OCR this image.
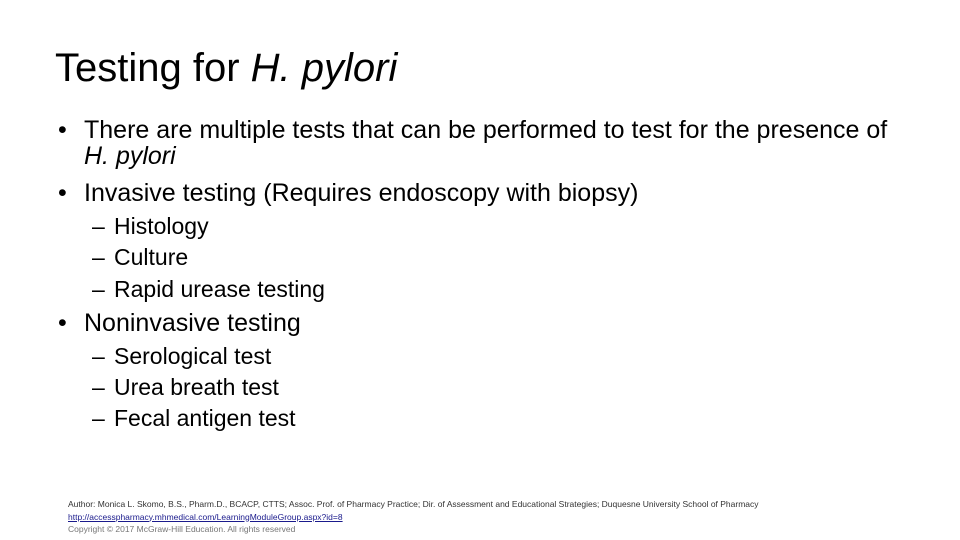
Testing for H. pylori
• There are multiple tests that can be performed to test for the presence of H. pylori
• Invasive testing (Requires endoscopy with biopsy)
– Histology
– Culture
– Rapid urease testing
• Noninvasive testing
– Serological test
– Urea breath test
– Fecal antigen test
Author: Monica L. Skomo, B.S., Pharm.D., BCACP, CTTS; Assoc. Prof. of Pharmacy Practice; Dir. of Assessment and Educational Strategies; Duquesne University School of Pharmacy
http://accesspharmacy.mhmedical.com/LearningModuleGroup.aspx?id=8
Copyright © 2017 McGraw-Hill Education. All rights reserved
